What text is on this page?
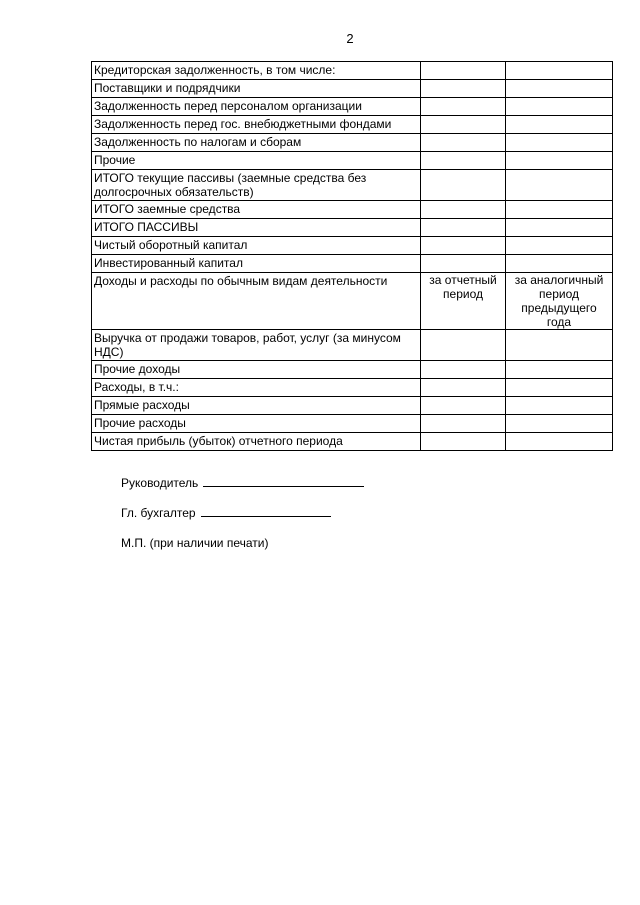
2
Кредиторская задолженность, в том числе:		
Поставщики и подрядчики		
Задолженность перед персоналом организации		
Задолженность перед гос. внебюджетными фондами		
Задолженность по налогам и сборам		
Прочие		
ИТОГО текущие пассивы (заемные средства без долгосрочных обязательств)		
ИТОГО заемные средства		
ИТОГО ПАССИВЫ		
Чистый оборотный капитал		
Инвестированный капитал		
Доходы и расходы по обычным видам деятельности	за отчетный период	за аналогичный период предыдущего года
Выручка от продажи товаров, работ, услуг (за минусом НДС)		
Прочие доходы		
Расходы, в т.ч.:		
Прямые расходы		
Прочие расходы		
Чистая прибыль (убыток) отчетного периода		
Руководитель
Гл. бухгалтер
М.П. (при наличии печати)
